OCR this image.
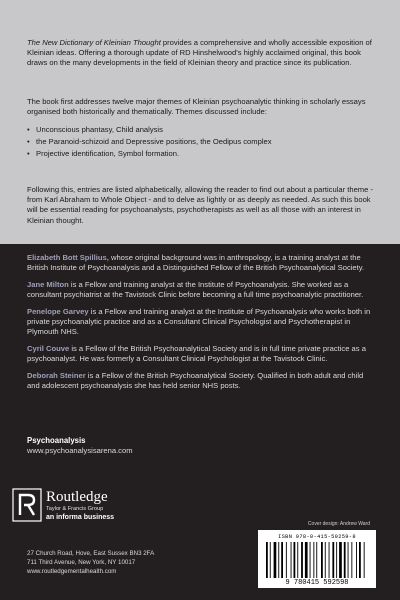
The New Dictionary of Kleinian Thought provides a comprehensive and wholly accessible exposition of Kleinian ideas. Offering a thorough update of RD Hinshelwood's highly acclaimed original, this book draws on the many developments in the field of Kleinian theory and practice since its publication.

The book first addresses twelve major themes of Kleinian psychoanalytic thinking in scholarly essays organised both historically and thematically. Themes discussed include:

• Unconscious phantasy, Child analysis
• the Paranoid-schizoid and Depressive positions, the Oedipus complex
• Projective identification, Symbol formation.

Following this, entries are listed alphabetically, allowing the reader to find out about a particular theme - from Karl Abraham to Whole Object - and to delve as lightly or as deeply as needed. As such this book will be essential reading for psychoanalysts, psychotherapists as well as all those with an interest in Kleinian thought.

Elizabeth Bott Spillius, whose original background was in anthropology, is a training analyst at the British Institute of Psychoanalysis and a Distinguished Fellow of the British Psychoanalytical Society.

Jane Milton is a Fellow and training analyst at the Institute of Psychoanalysis. She worked as a consultant psychiatrist at the Tavistock Clinic before becoming a full time psychoanalytic practitioner.

Penelope Garvey is a Fellow and training analyst at the Institute of Psychoanalysis who works both in private psychoanalytic practice and as a Consultant Clinical Psychologist and Psychotherapist in Plymouth NHS.

Cyril Couve is a Fellow of the British Psychoanalytical Society and is in full time private practice as a psychoanalyst. He was formerly a Consultant Clinical Psychologist at the Tavistock Clinic.

Deborah Steiner is a Fellow of the British Psychoanalytical Society. Qualified in both adult and child and adolescent psychoanalysis she has held senior NHS posts.

Psychoanalysis
www.psychoanalysisarena.com
Routledge
Taylor & Francis Group
an informa business
27 Church Road, Hove, East Sussex BN3 2FA
711 Third Avenue, New York, NY 10017
www.routledgementalhealth.com
Cover design: Andrew Ward
ISBN 978-0-415-59259-8
9 780415 592598
